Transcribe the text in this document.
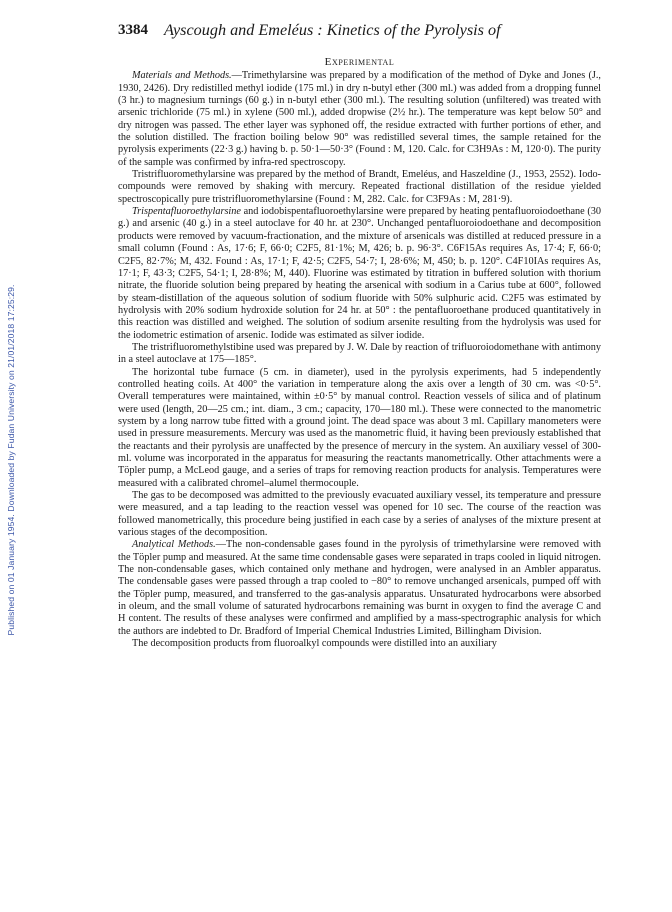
Published on 01 January 1954. Downloaded by Fudan University on 21/01/2018 17:25:29.
3384 Ayscough and Emeléus : Kinetics of the Pyrolysis of
Experimental

Materials and Methods.—Trimethylarsine was prepared by a modification of the method of Dyke and Jones (J., 1930, 2426). Dry redistilled methyl iodide (175 ml.) in dry n-butyl ether (300 ml.) was added from a dropping funnel (3 hr.) to magnesium turnings (60 g.) in n-butyl ether (300 ml.). The resulting solution (unfiltered) was treated with arsenic trichloride (75 ml.) in xylene (500 ml.), added dropwise (2½ hr.). The temperature was kept below 50° and dry nitrogen was passed. The ether layer was syphoned off, the residue extracted with further portions of ether, and the solution distilled. The fraction boiling below 90° was redistilled several times, the sample retained for the pyrolysis experiments (22·3 g.) having b. p. 50·1—50·3° (Found : M, 120. Calc. for C3H9As : M, 120·0). The purity of the sample was confirmed by infra-red spectroscopy.

Tristrifluoromethylarsine was prepared by the method of Brandt, Emeléus, and Haszeldine (J., 1953, 2552). Iodo-compounds were removed by shaking with mercury. Repeated fractional distillation of the residue yielded spectroscopically pure tristrifluoromethylarsine (Found : M, 282. Calc. for C3F9As : M, 281·9).

Trispentafluoroethylarsine and iodobispentafluoroethylarsine were prepared by heating pentafluoroiodoethane (30 g.) and arsenic (40 g.) in a steel autoclave for 40 hr. at 230°. Unchanged pentafluoroiodoethane and decomposition products were removed by vacuum-fractionation, and the mixture of arsenicals was distilled at reduced pressure in a small column (Found : As, 17·6; F, 66·0; C2F5, 81·1%; M, 426; b. p. 96·3°. C6F15As requires As, 17·4; F, 66·0; C2F5, 82·7%; M, 432. Found : As, 17·1; F, 42·5; C2F5, 54·7; I, 28·6%; M, 450; b. p. 120°. C4F10IAs requires As, 17·1; F, 43·3; C2F5, 54·1; I, 28·8%; M, 440). Fluorine was estimated by titration in buffered solution with thorium nitrate, the fluoride solution being prepared by heating the arsenical with sodium in a Carius tube at 600°, followed by steam-distillation of the aqueous solution of sodium fluoride with 50% sulphuric acid. C2F5 was estimated by hydrolysis with 20% sodium hydroxide solution for 24 hr. at 50° : the pentafluoroethane produced quantitatively in this reaction was distilled and weighed. The solution of sodium arsenite resulting from the hydrolysis was used for the iodometric estimation of arsenic. Iodide was estimated as silver iodide.

The tristrifluoromethylstibine used was prepared by J. W. Dale by reaction of trifluoroiodomethane with antimony in a steel autoclave at 175—185°.

The horizontal tube furnace (5 cm. in diameter), used in the pyrolysis experiments, had 5 independently controlled heating coils. At 400° the variation in temperature along the axis over a length of 30 cm. was <0·5°. Overall temperatures were maintained, within ±0·5° by manual control. Reaction vessels of silica and of platinum were used (length, 20—25 cm.; int. diam., 3 cm.; capacity, 170—180 ml.). These were connected to the manometric system by a long narrow tube fitted with a ground joint. The dead space was about 3 ml. Capillary manometers were used in pressure measurements. Mercury was used as the manometric fluid, it having been previously established that the reactants and their pyrolysis are unaffected by the presence of mercury in the system. An auxiliary vessel of 300-ml. volume was incorporated in the apparatus for measuring the reactants manometrically. Other attachments were a Töpler pump, a McLeod gauge, and a series of traps for removing reaction products for analysis. Temperatures were measured with a calibrated chromel–alumel thermocouple.

The gas to be decomposed was admitted to the previously evacuated auxiliary vessel, its temperature and pressure were measured, and a tap leading to the reaction vessel was opened for 10 sec. The course of the reaction was followed manometrically, this procedure being justified in each case by a series of analyses of the mixture present at various stages of the decomposition.

Analytical Methods.—The non-condensable gases found in the pyrolysis of trimethylarsine were removed with the Töpler pump and measured. At the same time condensable gases were separated in traps cooled in liquid nitrogen. The non-condensable gases, which contained only methane and hydrogen, were analysed in an Ambler apparatus. The condensable gases were passed through a trap cooled to −80° to remove unchanged arsenicals, pumped off with the Töpler pump, measured, and transferred to the gas-analysis apparatus. Unsaturated hydrocarbons were absorbed in oleum, and the small volume of saturated hydrocarbons remaining was burnt in oxygen to find the average C and H content. The results of these analyses were confirmed and amplified by a mass-spectrographic analysis for which the authors are indebted to Dr. Bradford of Imperial Chemical Industries Limited, Billingham Division.

The decomposition products from fluoroalkyl compounds were distilled into an auxiliary
